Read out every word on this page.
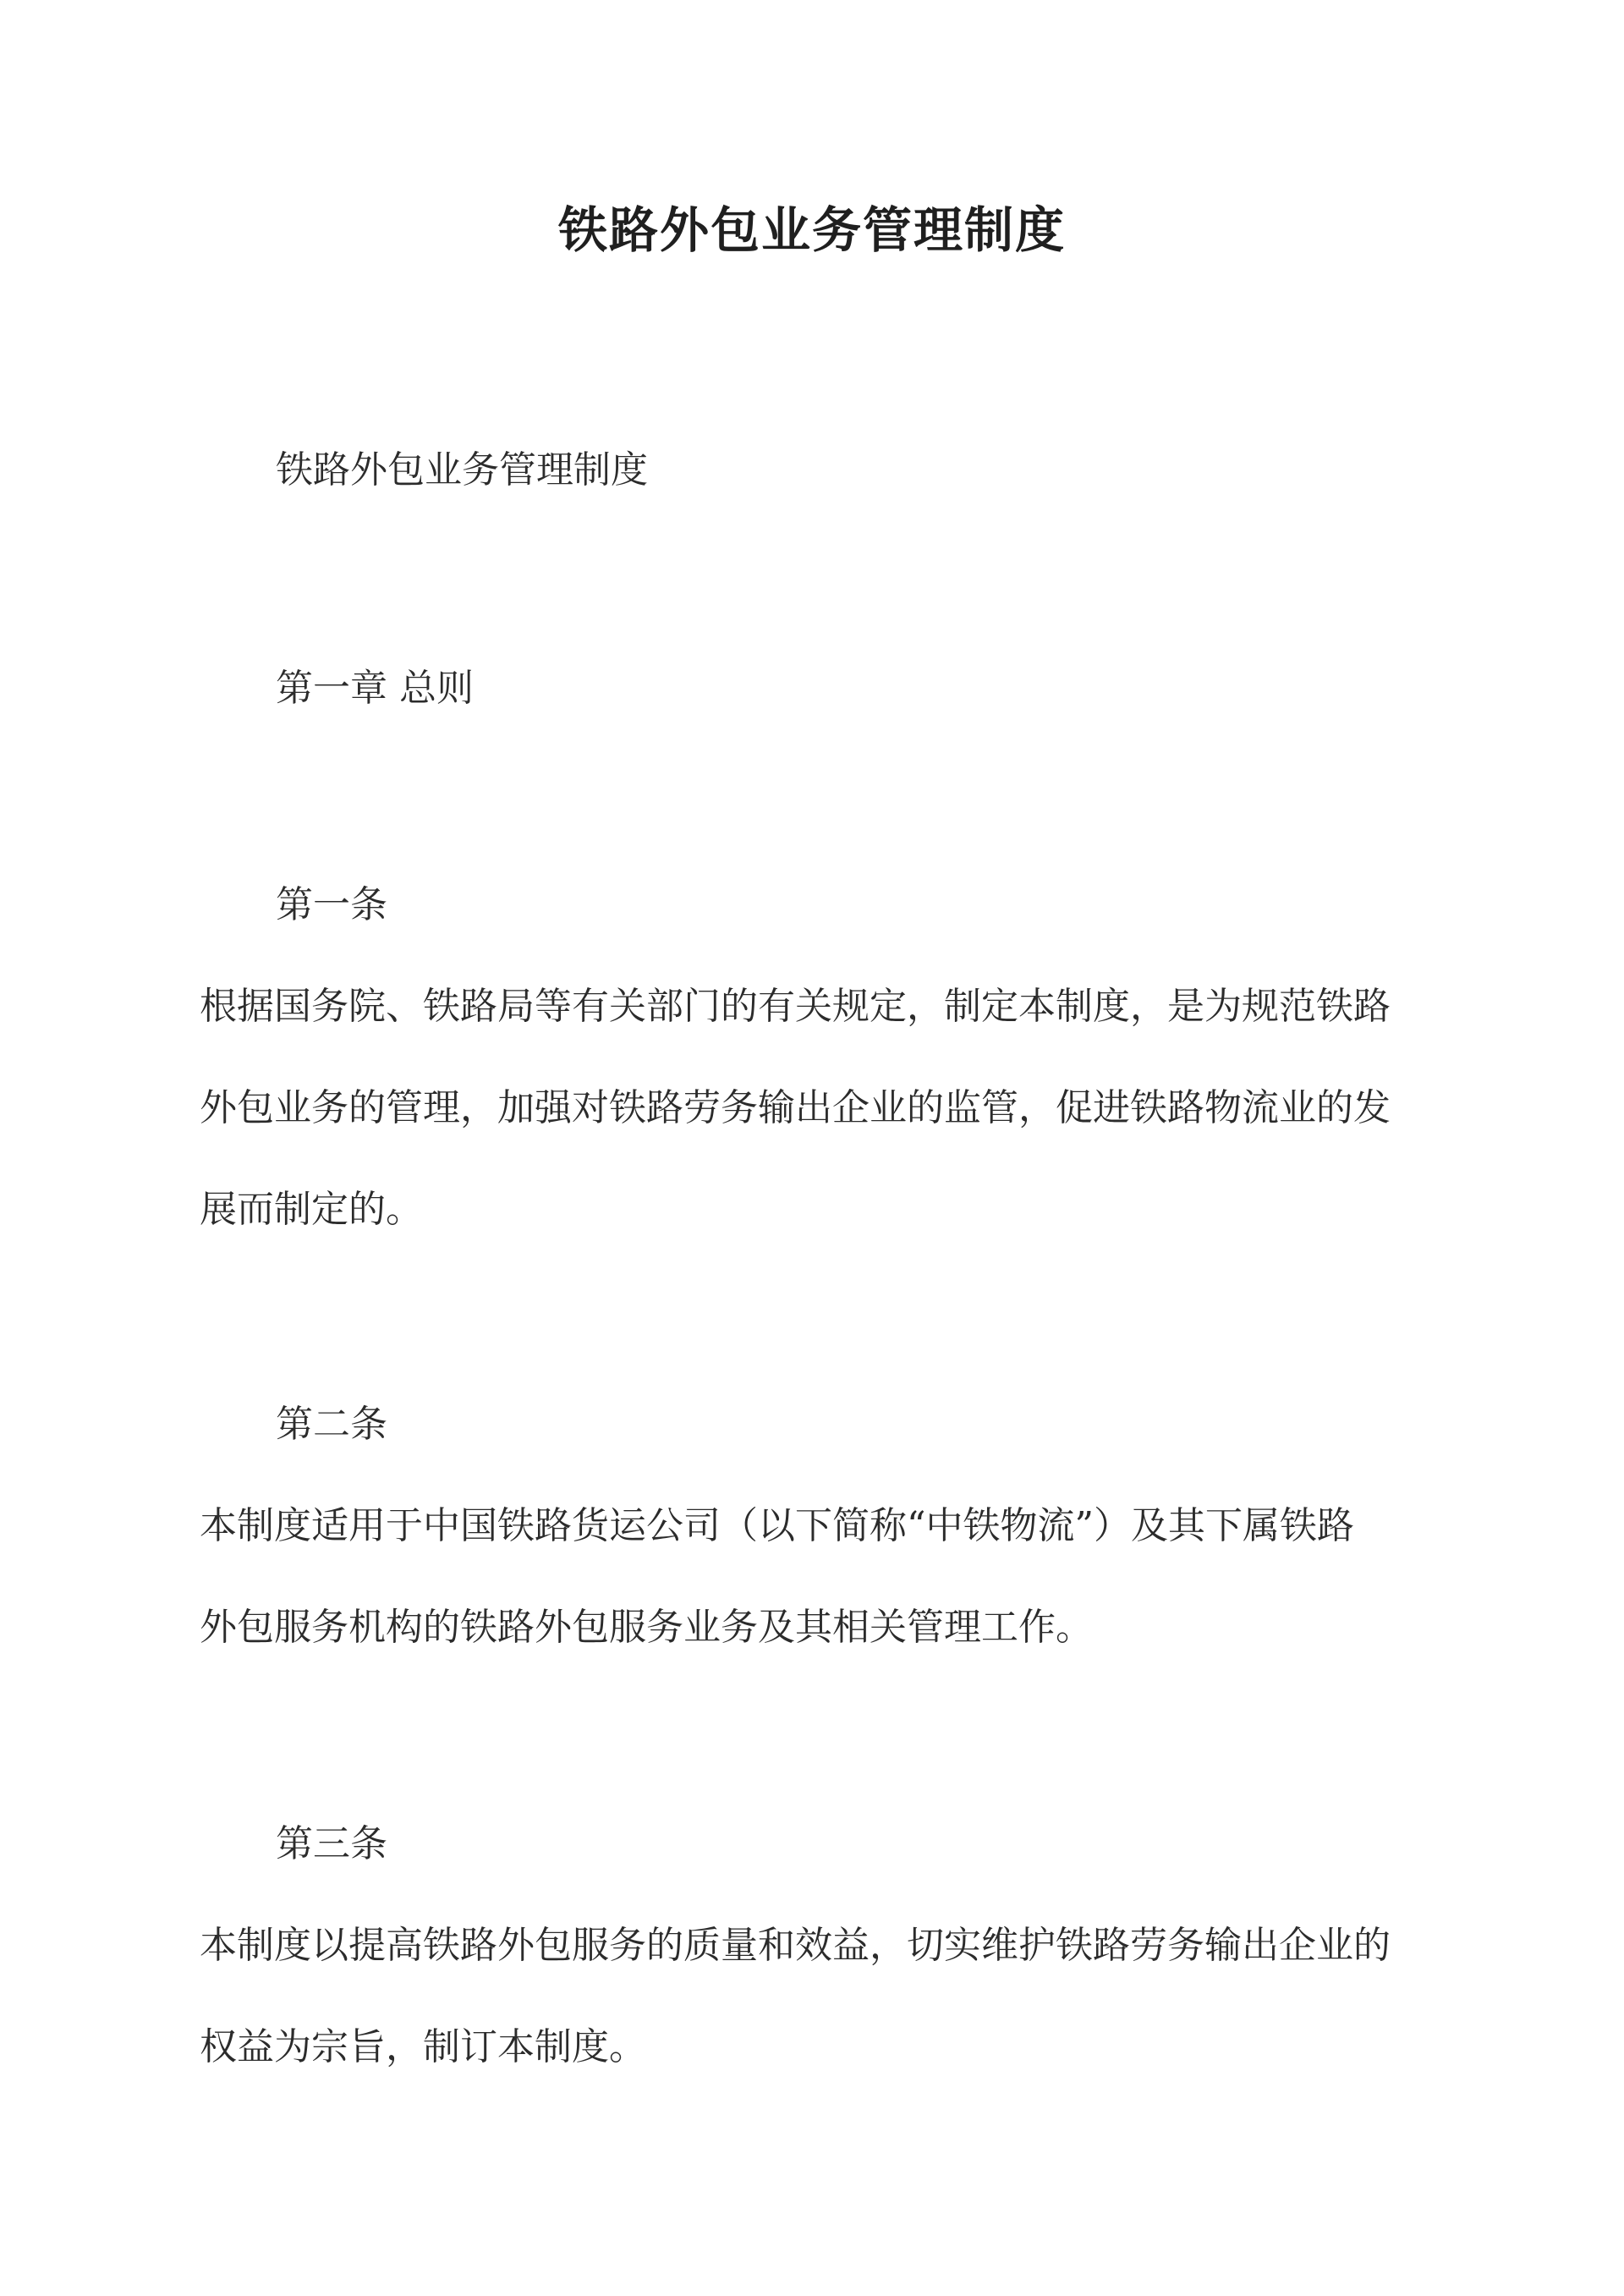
铁路外包业务管理制度
铁路外包业务管理制度
第一章 总则
第一条
根据国务院、铁路局等有关部门的有关规定，制定本制度，是为规范铁路
外包业务的管理，加强对铁路劳务输出企业的监管，促进铁路物流业的发
展而制定的。
第二条
本制度适用于中国铁路货运公司（以下简称“中铁物流”）及其下属铁路
外包服务机构的铁路外包服务业务及其相关管理工作。
第三条
本制度以提高铁路外包服务的质量和效益，切实维护铁路劳务输出企业的
权益为宗旨，制订本制度。
